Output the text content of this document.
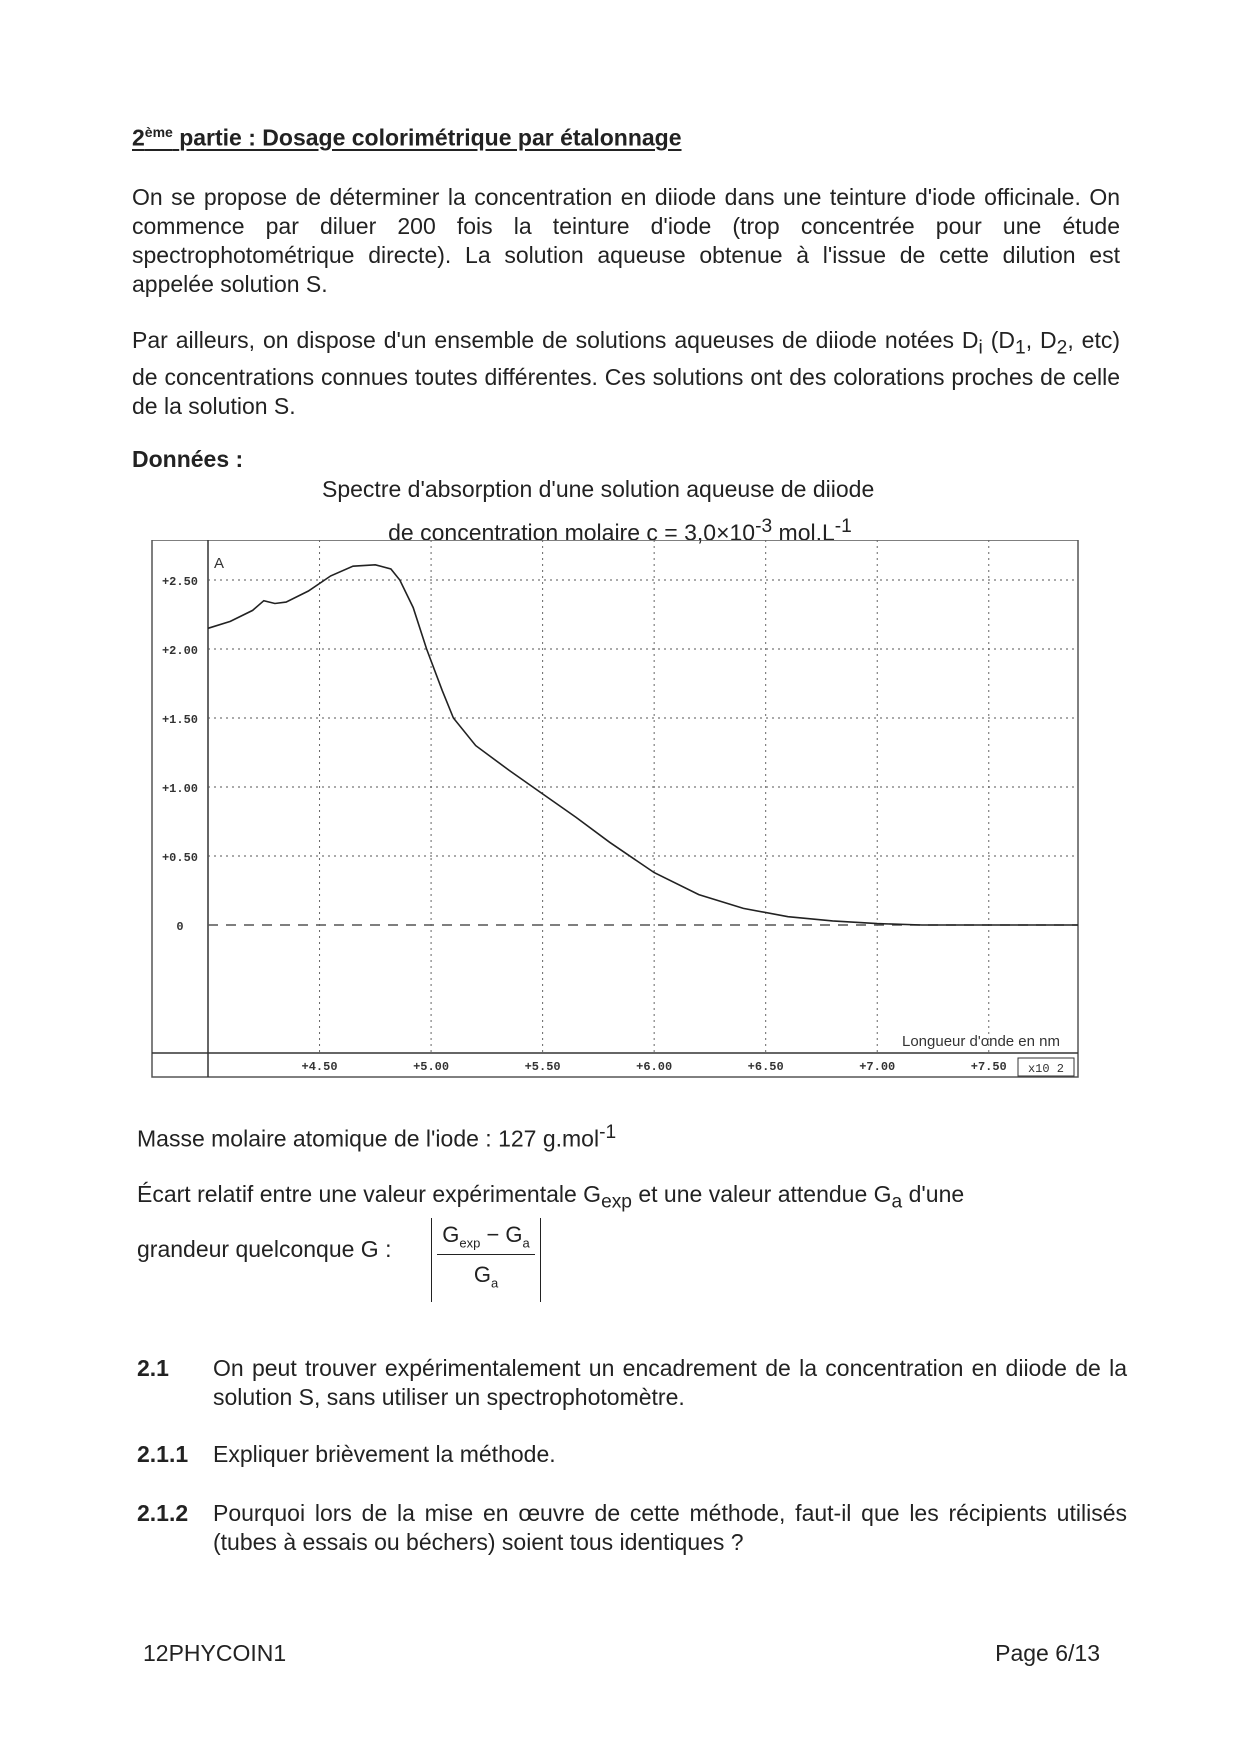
2ème partie : Dosage colorimétrique par étalonnage
On se propose de déterminer la concentration en diiode dans une teinture d'iode officinale. On commence par diluer 200 fois la teinture d'iode (trop concentrée pour une étude spectrophotométrique directe). La solution aqueuse obtenue à l'issue de cette dilution est appelée solution S.
Par ailleurs, on dispose d'un ensemble de solutions aqueuses de diiode notées $D_i$ ($D_1$, $D_2$, etc) de concentrations connues toutes différentes. Ces solutions ont des colorations proches de celle de la solution S.
Données :
Spectre d'absorption d'une solution aqueuse de diiode
de concentration molaire $c = 3,0\times 10^{-3}$ $mol.L^{-1}$
+2.50
+2.00
+1.50
+1.00
+0.50
0
+4.50	+5.00	+5.50	+6.00	+6.50	+7.00	+7.50
A
Longueur d'onde en nm
x10 2
Masse molaire atomique de l'iode : 127 g.mol$^{-1}$
Écart relatif entre une valeur expérimentale $G_{exp}$ et une valeur attendue $G_a$ d'une
grandeur quelconque G :
$G_{exp} - G_a$
$G_a$
2.1 On peut trouver expérimentalement un encadrement de la concentration en diiode de la solution S, sans utiliser un spectrophotomètre.
2.1.1 Expliquer brièvement la méthode.
2.1.2 Pourquoi lors de la mise en œuvre de cette méthode, faut-il que les récipients utilisés (tubes à essais ou béchers) soient tous identiques ?
12PHYCOIN1	Page 6/13
